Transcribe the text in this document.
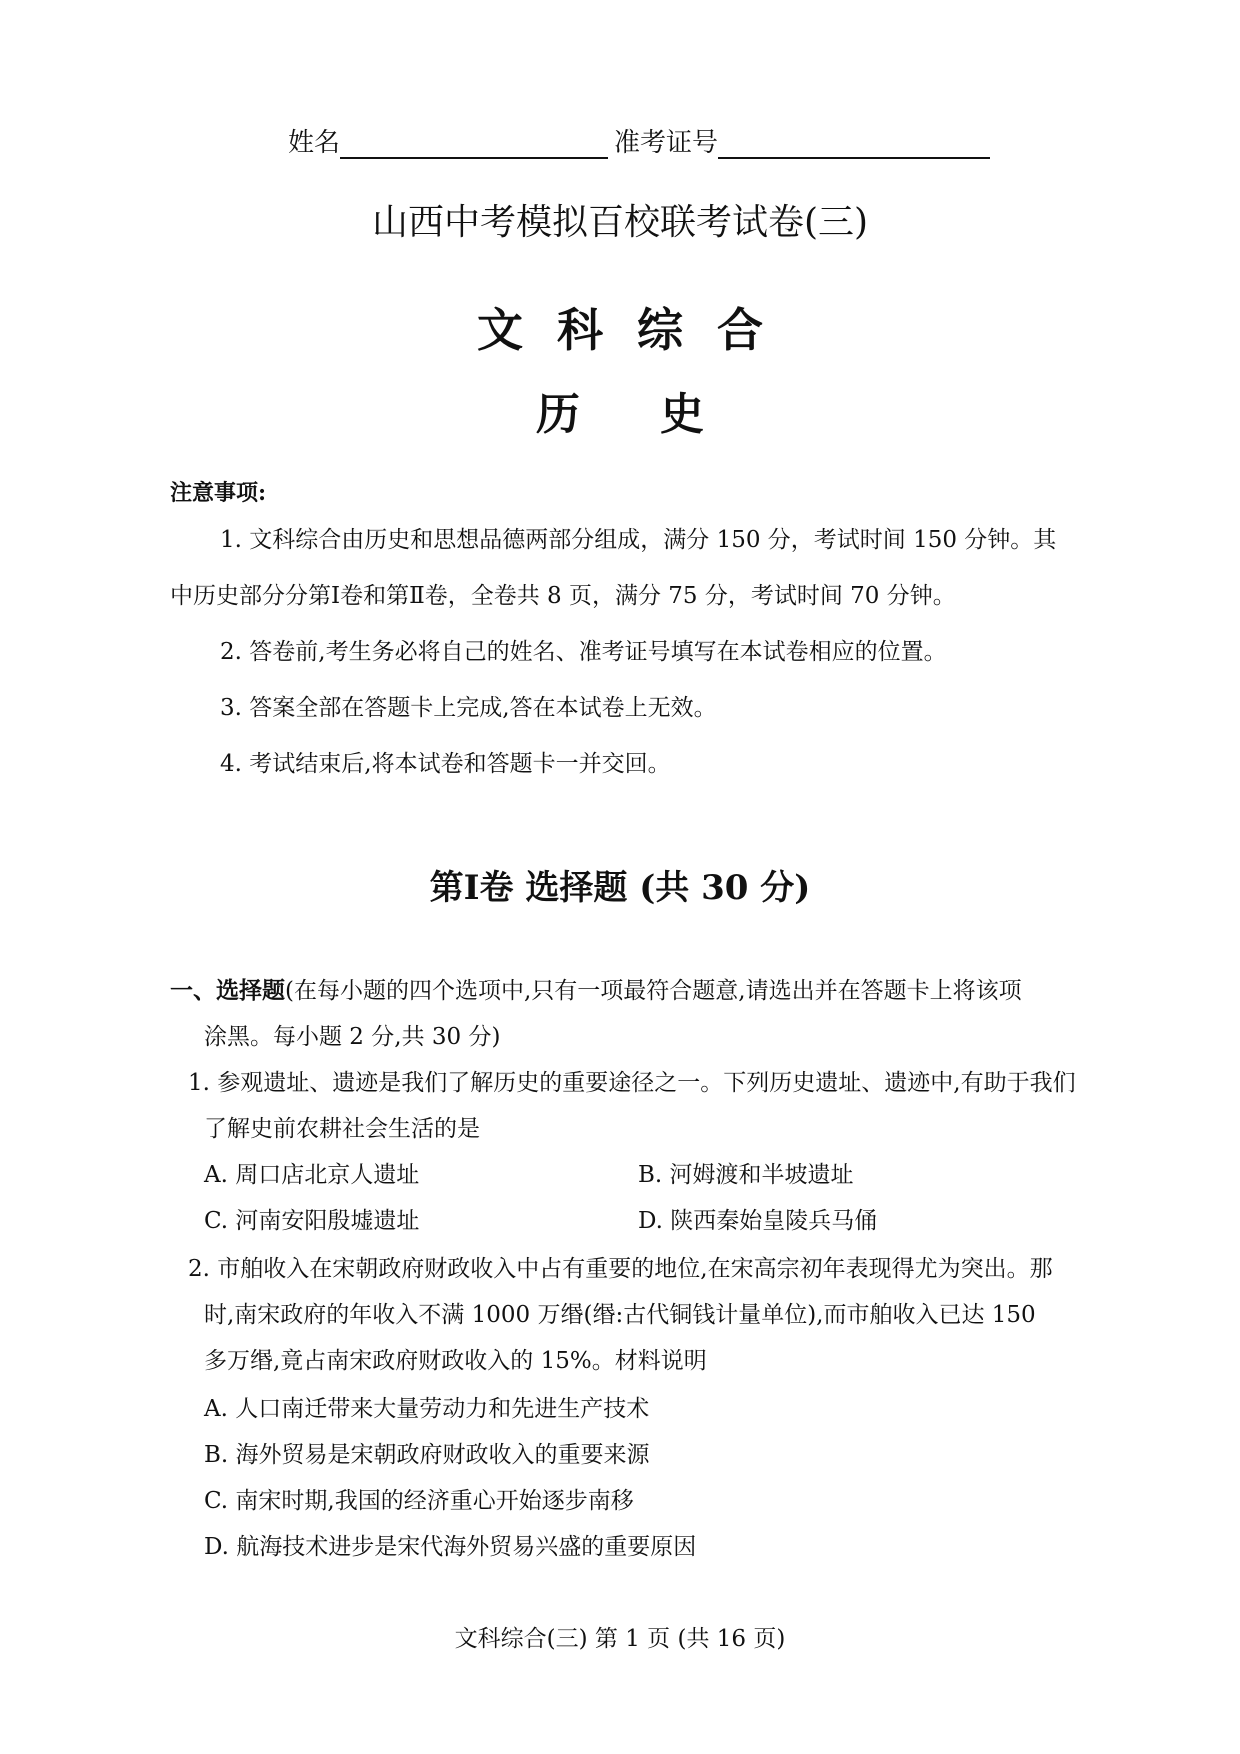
姓名	准考证号
山西中考模拟百校联考试卷(三)
文科综合
历史
注意事项:
1. 文科综合由历史和思想品德两部分组成，满分 150 分，考试时间 150 分钟。其
中历史部分分第Ⅰ卷和第Ⅱ卷，全卷共 8 页，满分 75 分，考试时间 70 分钟。
2. 答卷前,考生务必将自己的姓名、准考证号填写在本试卷相应的位置。
3. 答案全部在答题卡上完成,答在本试卷上无效。
4. 考试结束后,将本试卷和答题卡一并交回。
第Ⅰ卷 选择题 (共 30 分)
一、选择题(在每小题的四个选项中,只有一项最符合题意,请选出并在答题卡上将该项
涂黑。每小题 2 分,共 30 分)
1. 参观遗址、遗迹是我们了解历史的重要途径之一。下列历史遗址、遗迹中,有助于我们
了解史前农耕社会生活的是
A. 周口店北京人遗址	B. 河姆渡和半坡遗址
C. 河南安阳殷墟遗址	D. 陕西秦始皇陵兵马俑
2. 市舶收入在宋朝政府财政收入中占有重要的地位,在宋高宗初年表现得尤为突出。那
时,南宋政府的年收入不满 1000 万缗(缗:古代铜钱计量单位),而市舶收入已达 150
多万缗,竟占南宋政府财政收入的 15%。材料说明
A. 人口南迁带来大量劳动力和先进生产技术
B. 海外贸易是宋朝政府财政收入的重要来源
C. 南宋时期,我国的经济重心开始逐步南移
D. 航海技术进步是宋代海外贸易兴盛的重要原因
文科综合(三) 第 1 页 (共 16 页)
